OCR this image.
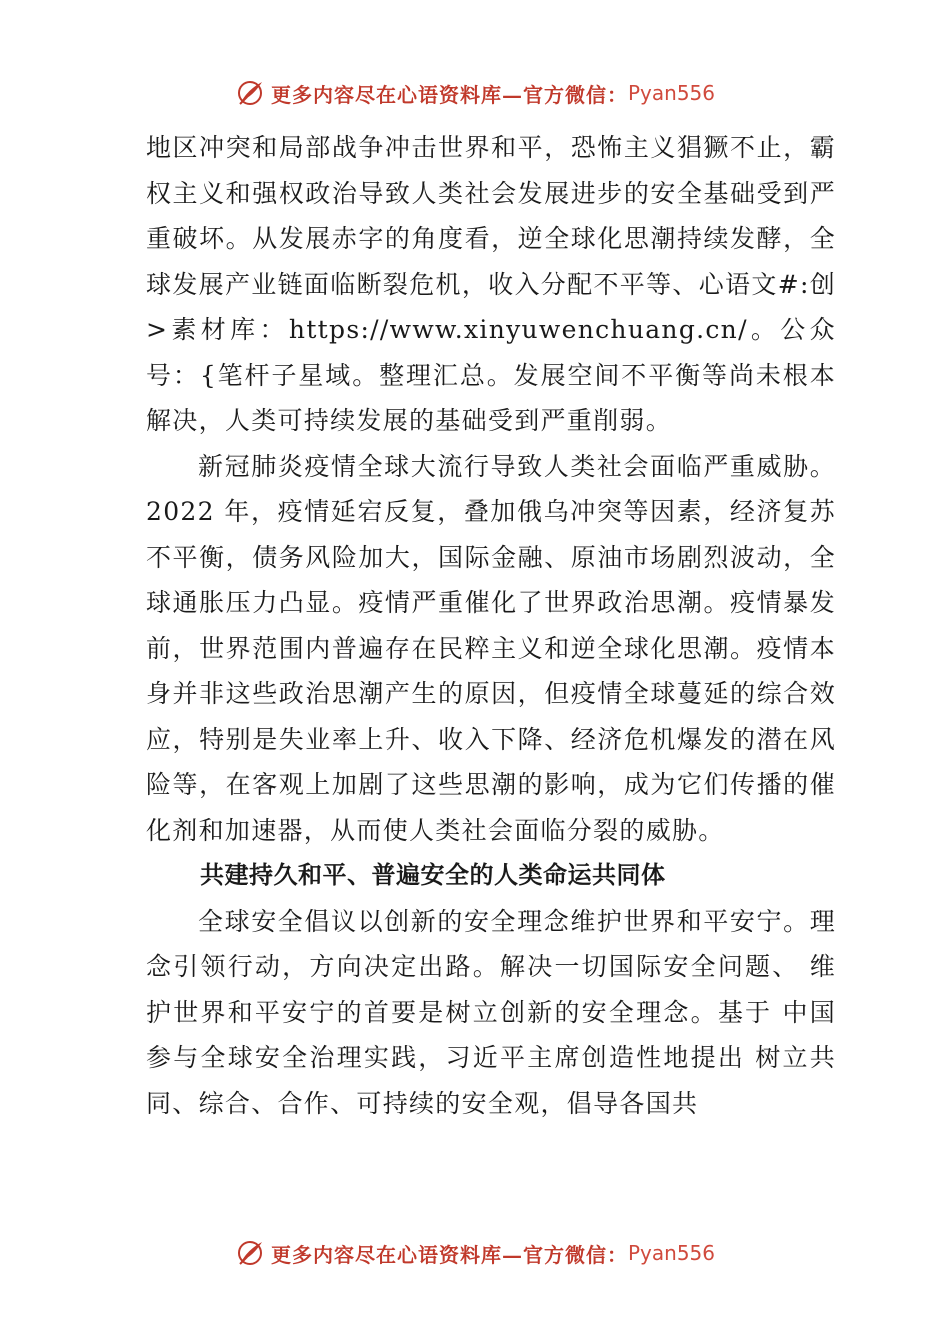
更多内容尽在心语资料库—官方微信： Pyan556

地区冲突和局部战争冲击世界和平，恐怖主义猖獗不止，霸权主义和强权政治导致人类社会发展进步的安全基础受到严重破坏。从发展赤字的角度看，逆全球化思潮持续发酵，全球发展产业链面临断裂危机，收入分配不平等、心语文#:创>素材库：https://www.xinyuwenchuang.cn/。公众号：{笔杆子星域。整理汇总。发展空间不平衡等尚未根本解决，人类可持续发展的基础受到严重削弱。

新冠肺炎疫情全球大流行导致人类社会面临严重威胁。2022 年，疫情延宕反复，叠加俄乌冲突等因素，经济复苏不平衡，债务风险加大，国际金融、原油市场剧烈波动，全球通胀压力凸显。疫情严重催化了世界政治思潮。疫情暴发前，世界范围内普遍存在民粹主义和逆全球化思潮。疫情本身并非这些政治思潮产生的原因，但疫情全球蔓延的综合效应，特别是失业率上升、收入下降、经济危机爆发的潜在风险等，在客观上加剧了这些思潮的影响，成为它们传播的催化剂和加速器，从而使人类社会面临分裂的威胁。

共建持久和平、普遍安全的人类命运共同体

全球安全倡议以创新的安全理念维护世界和平安宁。理念引领行动，方向决定出路。解决一切国际安全问题、 维护世界和平安宁的首要是树立创新的安全理念。基于 中国参与全球安全治理实践，习近平主席创造性地提出 树立共同、综合、合作、可持续的安全观，倡导各国共

更多内容尽在心语资料库—官方微信： Pyan556
